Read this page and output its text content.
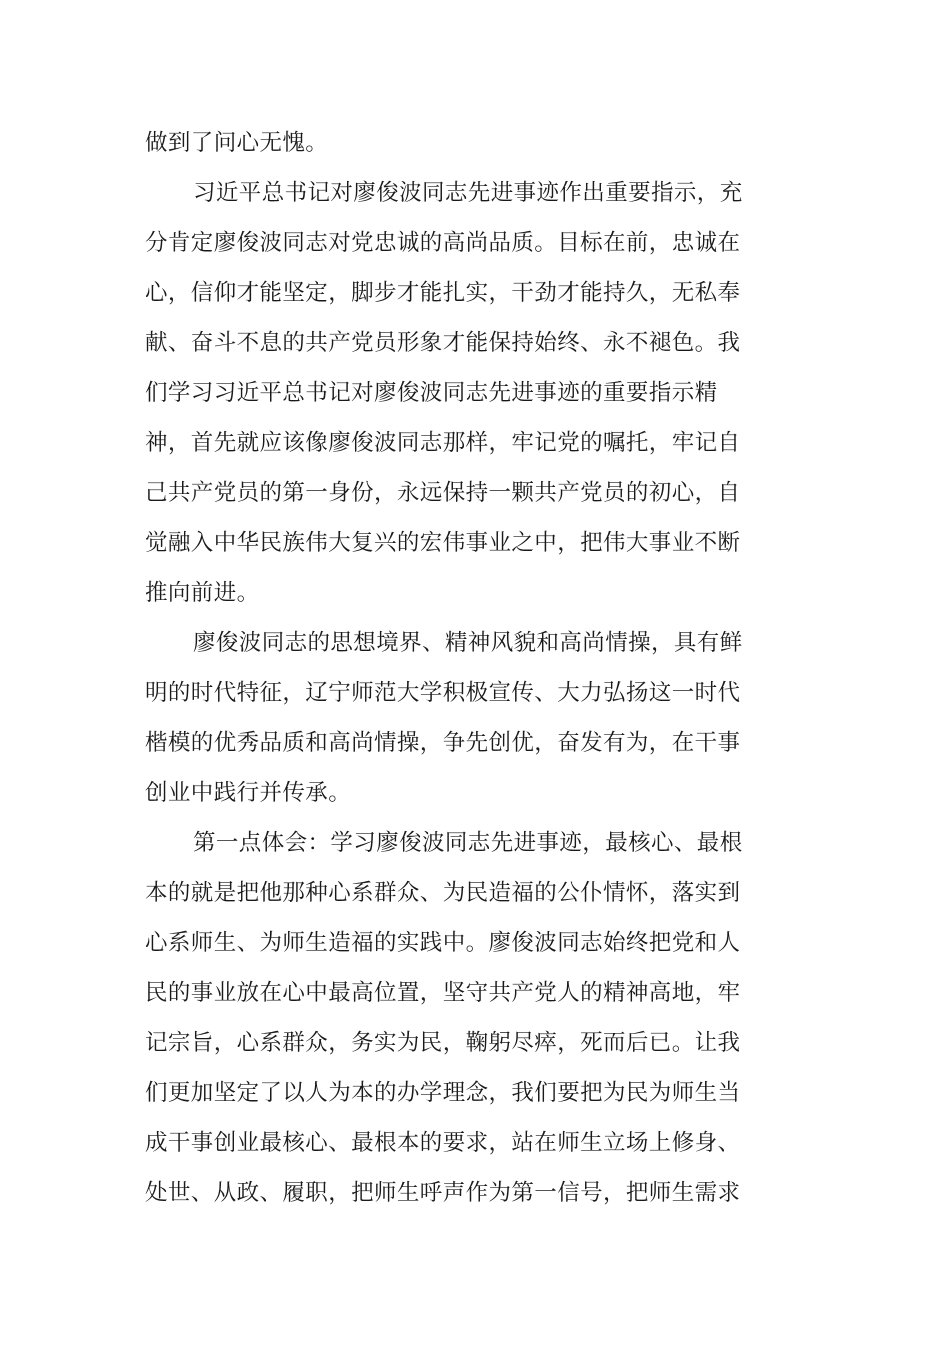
做到了问心无愧。
习近平总书记对廖俊波同志先进事迹作出重要指示，充
分肯定廖俊波同志对党忠诚的高尚品质。目标在前，忠诚在
心，信仰才能坚定，脚步才能扎实，干劲才能持久，无私奉
献、奋斗不息的共产党员形象才能保持始终、永不褪色。我
们学习习近平总书记对廖俊波同志先进事迹的重要指示精
神，首先就应该像廖俊波同志那样，牢记党的嘱托，牢记自
己共产党员的第一身份，永远保持一颗共产党员的初心，自
觉融入中华民族伟大复兴的宏伟事业之中，把伟大事业不断
推向前进。
廖俊波同志的思想境界、精神风貌和高尚情操，具有鲜
明的时代特征，辽宁师范大学积极宣传、大力弘扬这一时代
楷模的优秀品质和高尚情操，争先创优，奋发有为，在干事
创业中践行并传承。
第一点体会：学习廖俊波同志先进事迹，最核心、最根
本的就是把他那种心系群众、为民造福的公仆情怀，落实到
心系师生、为师生造福的实践中。廖俊波同志始终把党和人
民的事业放在心中最高位置，坚守共产党人的精神高地，牢
记宗旨，心系群众，务实为民，鞠躬尽瘁，死而后已。让我
们更加坚定了以人为本的办学理念，我们要把为民为师生当
成干事创业最核心、最根本的要求，站在师生立场上修身、
处世、从政、履职，把师生呼声作为第一信号，把师生需求
